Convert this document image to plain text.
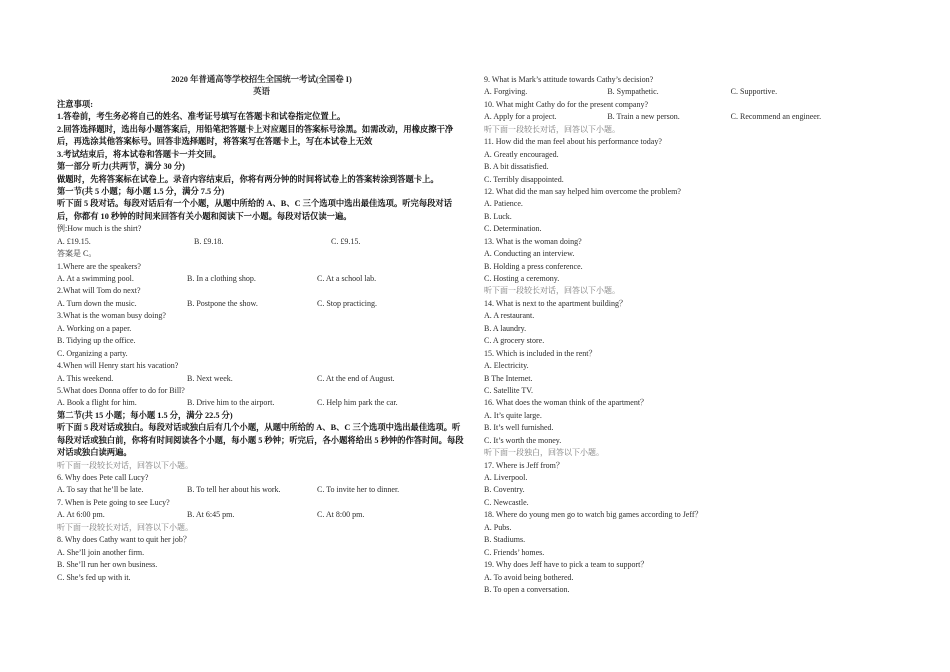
2020 年普通高等学校招生全国统一考试(全国卷 I)
英语
注意事项:
1.答卷前，考生务必将自己的姓名、准考证号填写在答题卡和试卷指定位置上。
2.回答选择题时，选出每小题答案后，用铅笔把答题卡上对应题目的答案标号涂黑。如需改动，用橡皮擦干净后，再选涂其他答案标号。回答非选择题时，将答案写在答题卡上，写在本试卷上无效
3.考试结束后，将本试卷和答题卡一并交回。
第一部分 听力(共两节，满分 30 分)
做题时，先将答案标在试卷上。录音内容结束后，你将有两分钟的时间将试卷上的答案转涂到答题卡上。
第一节(共 5 小题；每小题 1.5 分，满分 7.5 分)
听下面 5 段对话。每段对话后有一个小题，从题中所给的 A、B、C 三个选项中选出最佳选项。听完每段对话后，你都有 10 秒钟的时间来回答有关小题和阅读下一小题。每段对话仅读一遍。
例:How much is the shirt?
A. £19.15.	B. £9.18.	C. £9.15.
答案是 C。
1.Where are the speakers?
A. At a swimming pool.	B. In a clothing shop.	C. At a school lab.
2.What will Tom do next?
A. Turn down the music.	B. Postpone the show.	C. Stop practicing.
3.What is the woman busy doing?
A. Working on a paper.
B. Tidying up the office.
C. Organizing a party.
4.When will Henry start his vacation?
A. This weekend.	B. Next week.	C. At the end of August.
5.What does Donna offer to do for Bill?
A. Book a flight for him.	B. Drive him to the airport.	C. Help him park the car.
第二节(共 15 小题；每小题 1.5 分，满分 22.5 分)
听下面 5 段对话或独白。每段对话或独白后有几个小题，从题中所给的 A、B、C 三个选项中选出最佳选项。听每段对话或独白前，你将有时间阅读各个小题，每小题 5 秒钟；听完后，各小题将给出 5 秒钟的作答时间。每段对话或独白读两遍。
听下面一段较长对话，回答以下小题。
6. Why does Pete call Lucy?
A. To say that he’ll be late.	B. To tell her about his work.	C. To invite her to dinner.
7. When is Pete going to see Lucy?
A. At 6:00 pm.	B. At 6:45 pm.	C. At 8:00 pm.
听下面一段较长对话，回答以下小题。
8. Why does Cathy want to quit her job？
A. She’ll join another firm.
B. She’ll run her own business.
C. She’s fed up with it.
9. What is Mark’s attitude towards Cathy’s decision?
A. Forgiving.	B. Sympathetic.	C. Supportive.
10. What might Cathy do for the present company?
A. Apply for a project.	B. Train a new person.	C. Recommend an engineer.
听下面一段较长对话，回答以下小题。
11. How did the man feel about his performance today?
A. Greatly encouraged.
B. A bit dissatisfied.
C. Terribly disappointed.
12. What did the man say helped him overcome the problem?
A. Patience.
B. Luck.
C. Determination.
13. What is the woman doing?
A. Conducting an interview.
B. Holding a press conference.
C. Hosting a ceremony.
听下面一段较长对话，回答以下小题。
14. What is next to the apartment building？
A. A restaurant.
B. A laundry.
C. A grocery store.
15. Which is included in the rent？
A. Electricity.
B The Internet.
C. Satellite TV.
16. What does the woman think of the apartment？
A. It’s quite large.
B. It’s well furnished.
C. It’s worth the money.
听下面一段独白，回答以下小题。
17. Where is Jeff from？
A. Liverpool.
B. Coventry.
C. Newcastle.
18. Where do young men go to watch big games according to Jeff？
A. Pubs.
B. Stadiums.
C. Friends’ homes.
19. Why does Jeff have to pick a team to support？
A. To avoid being bothered.
B. To open a conversation.
